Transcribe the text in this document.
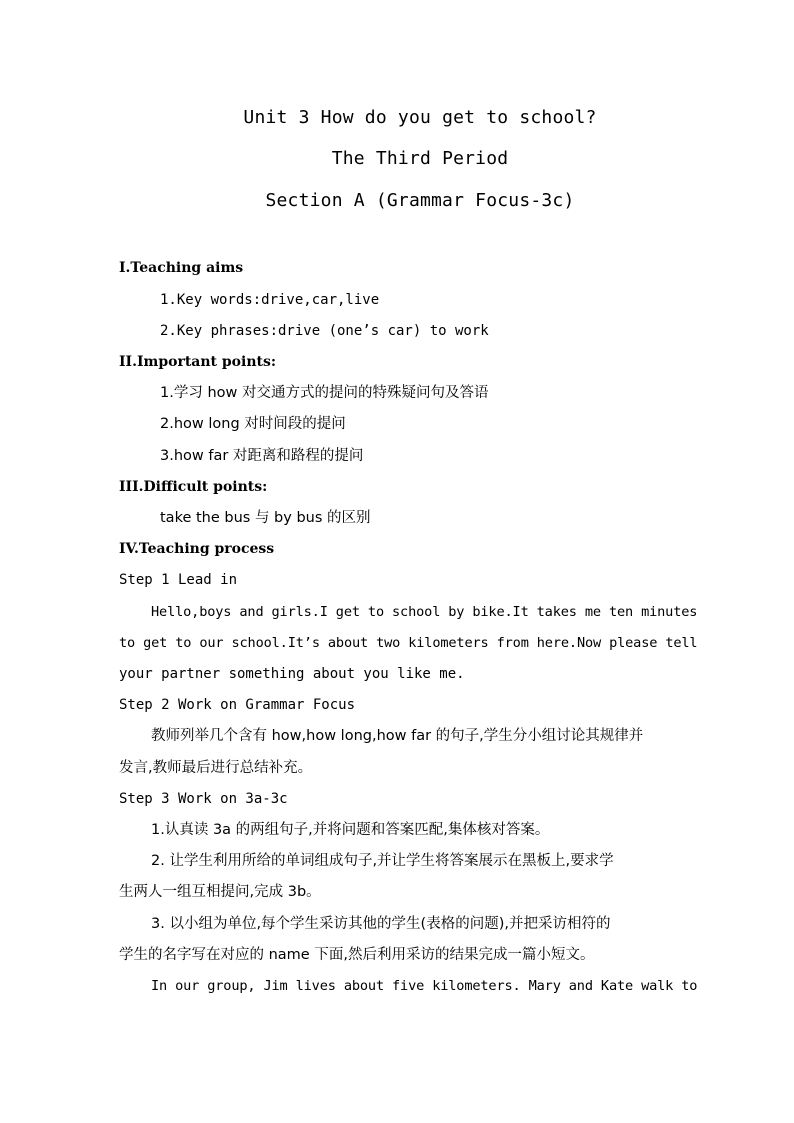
Unit 3 How do you get to school?
The Third Period
Section A (Grammar Focus-3c)
I.Teaching aims
1.Key words:drive,car,live
2.Key phrases:drive (one’s car) to work
II.Important points:
1.学习 how 对交通方式的提问的特殊疑问句及答语
2.how long 对时间段的提问
3.how far 对距离和路程的提问
III.Difficult points:
take the bus 与 by bus 的区别
IV.Teaching process
Step 1 Lead in
Hello,boys and girls.I get to school by bike.It takes me ten minutes
to get to our school.It’s about two kilometers from here.Now please tell
your partner something about you like me.
Step 2 Work on Grammar Focus
教师列举几个含有 how,how long,how far 的句子,学生分小组讨论其规律并
发言,教师最后进行总结补充。
Step 3 Work on 3a-3c
1.认真读 3a 的两组句子,并将问题和答案匹配,集体核对答案。
2. 让学生利用所给的单词组成句子,并让学生将答案展示在黑板上,要求学
生两人一组互相提问,完成 3b。
3. 以小组为单位,每个学生采访其他的学生(表格的问题),并把采访相符的
学生的名字写在对应的 name 下面,然后利用采访的结果完成一篇小短文。
In our group, Jim lives about five kilometers. Mary and Kate walk to
